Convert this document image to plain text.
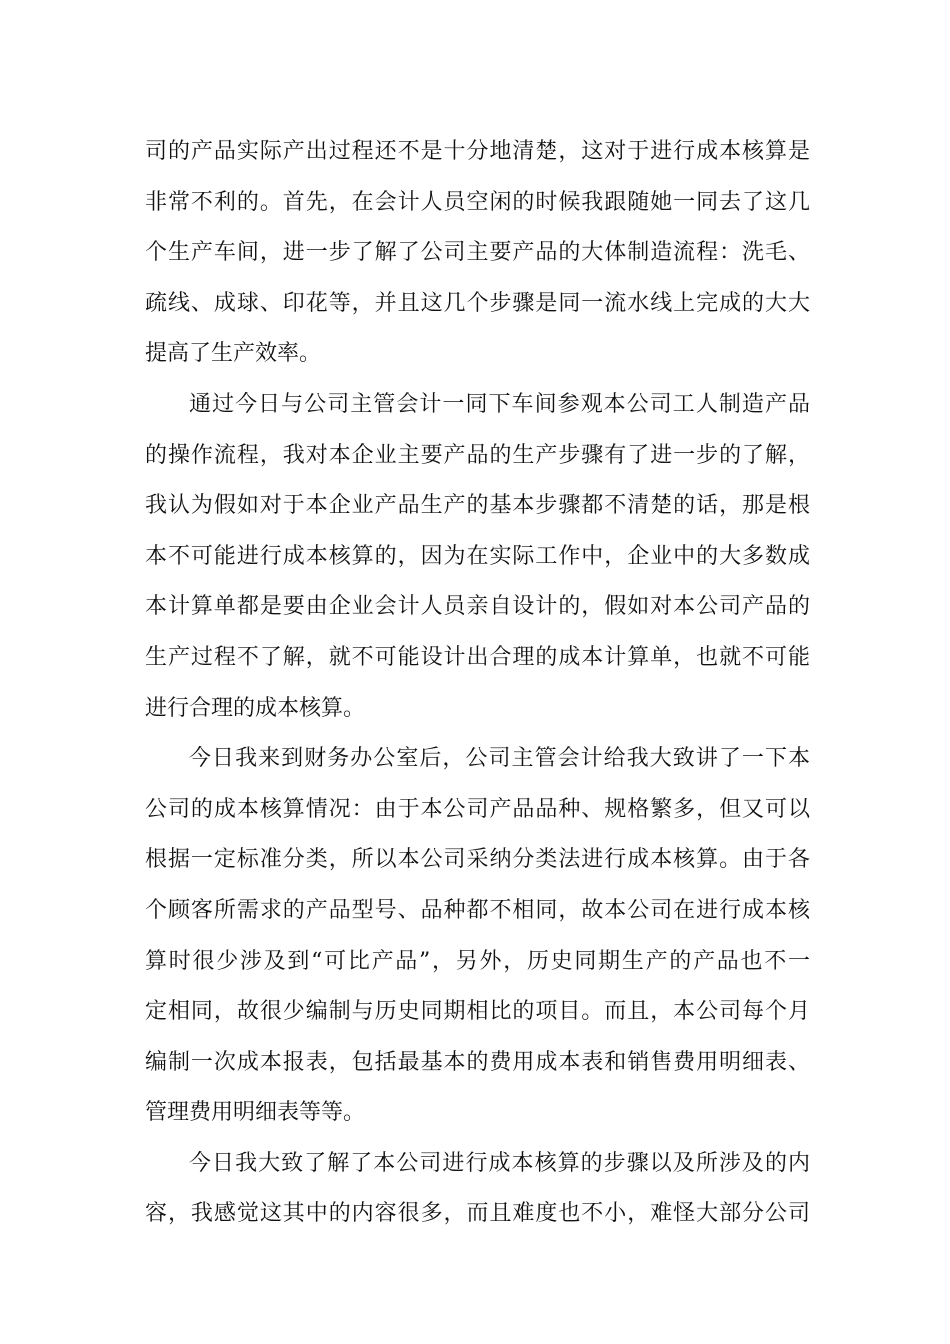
司的产品实际产出过程还不是十分地清楚，这对于进行成本核算是
非常不利的。首先，在会计人员空闲的时候我跟随她一同去了这几
个生产车间，进一步了解了公司主要产品的大体制造流程：洗毛、
疏线、成球、印花等，并且这几个步骤是同一流水线上完成的大大
提高了生产效率。
通过今日与公司主管会计一同下车间参观本公司工人制造产品
的操作流程，我对本企业主要产品的生产步骤有了进一步的了解，
我认为假如对于本企业产品生产的基本步骤都不清楚的话，那是根
本不可能进行成本核算的，因为在实际工作中，企业中的大多数成
本计算单都是要由企业会计人员亲自设计的，假如对本公司产品的
生产过程不了解，就不可能设计出合理的成本计算单，也就不可能
进行合理的成本核算。
今日我来到财务办公室后，公司主管会计给我大致讲了一下本
公司的成本核算情况：由于本公司产品品种、规格繁多，但又可以
根据一定标准分类，所以本公司采纳分类法进行成本核算。由于各
个顾客所需求的产品型号、品种都不相同，故本公司在进行成本核
算时很少涉及到“可比产品”，另外，历史同期生产的产品也不一
定相同，故很少编制与历史同期相比的项目。而且，本公司每个月
编制一次成本报表，包括最基本的费用成本表和销售费用明细表、
管理费用明细表等等。
今日我大致了解了本公司进行成本核算的步骤以及所涉及的内
容，我感觉这其中的内容很多，而且难度也不小，难怪大部分公司
